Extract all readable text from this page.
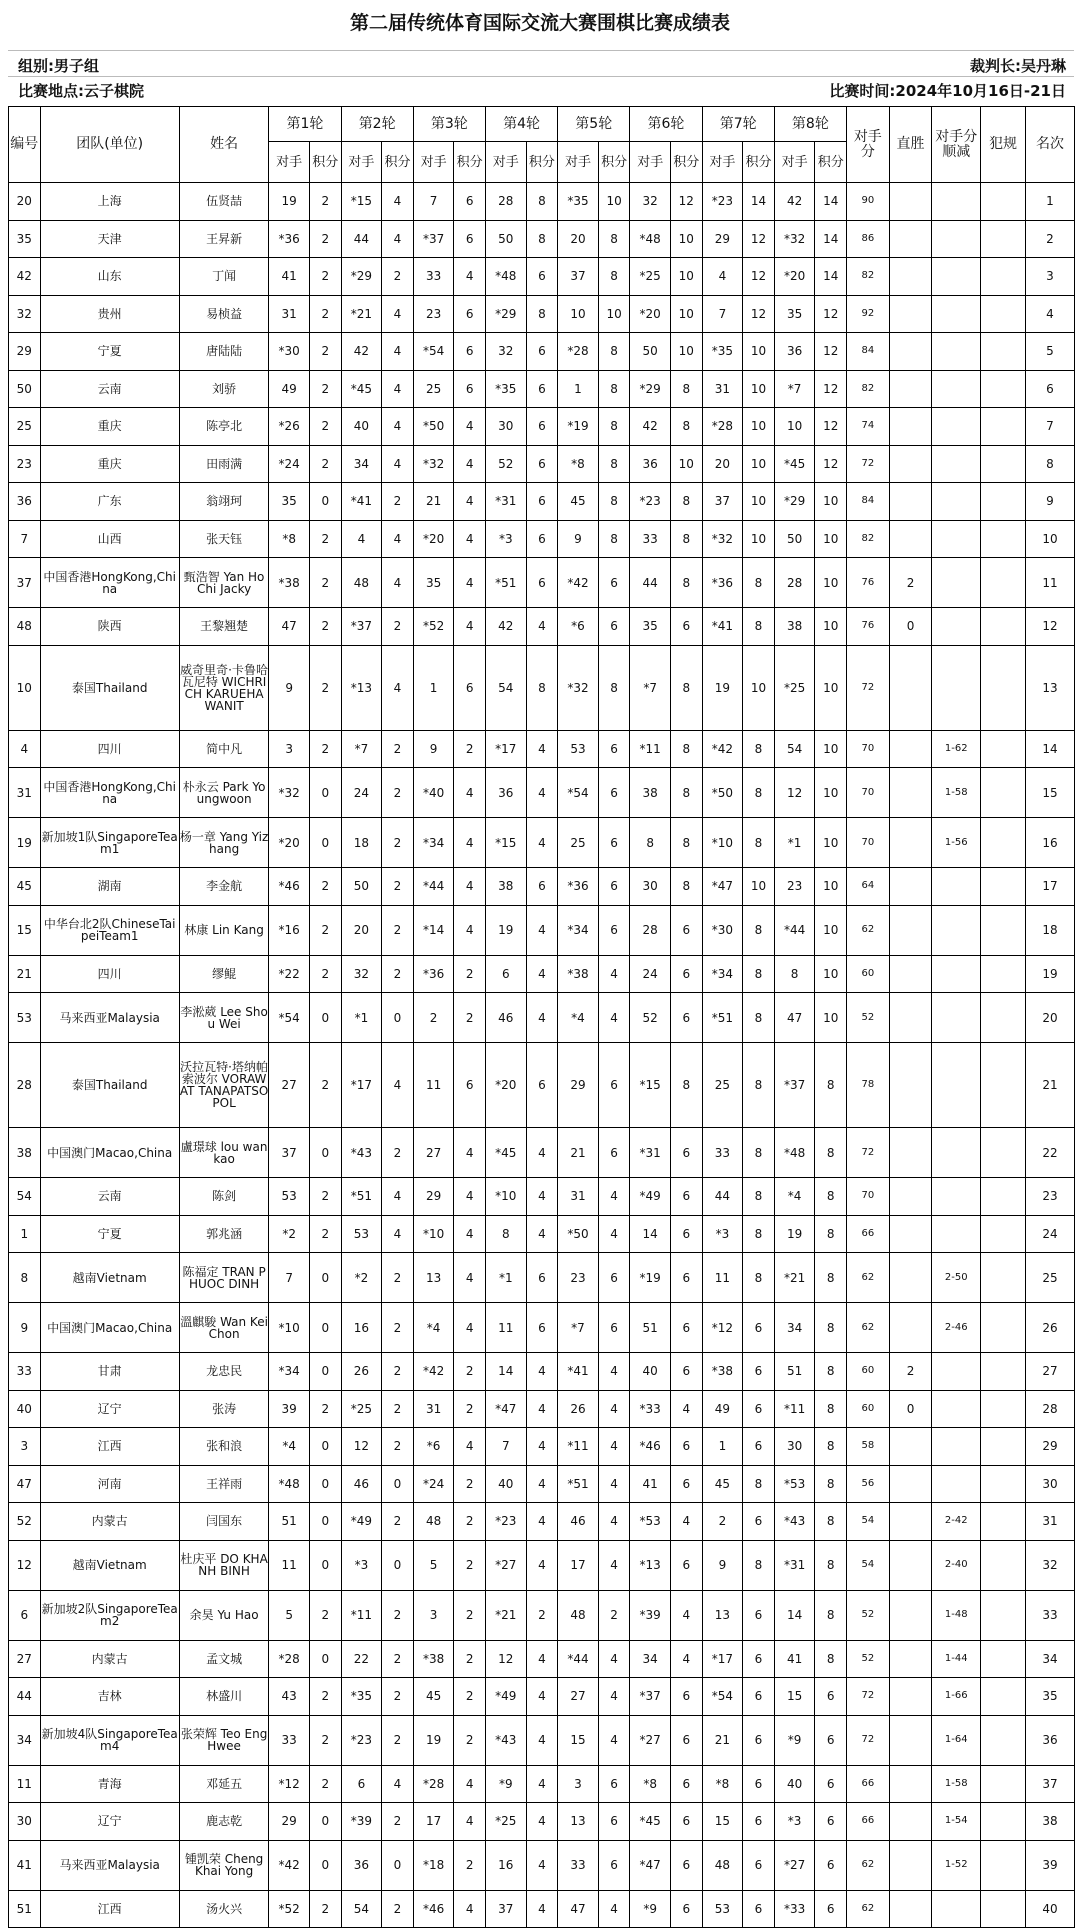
第二届传统体育国际交流大赛围棋比赛成绩表
组别:男子组	裁判长:吴丹琳
比赛地点:云子棋院	比赛时间:2024年10月16日-21日
编号	团队(单位)	姓名	第1轮		第2轮		第3轮		第4轮		第5轮		第6轮		第7轮		第8轮		对手分	直胜	对手分顺减	犯规	名次
			对手	积分	对手	积分	对手	积分	对手	积分	对手	积分	对手	积分	对手	积分	对手	积分					
20	上海	伍贤喆	19	2	*15	4	7	6	28	8	*35	10	32	12	*23	14	42	14	90				1
35	天津	王昇新	*36	2	44	4	*37	6	50	8	20	8	*48	10	29	12	*32	14	86				2
42	山东	丁闻	41	2	*29	2	33	4	*48	6	37	8	*25	10	4	12	*20	14	82				3
32	贵州	易桢益	31	2	*21	4	23	6	*29	8	10	10	*20	10	7	12	35	12	92				4
29	宁夏	唐陆陆	*30	2	42	4	*54	6	32	6	*28	8	50	10	*35	10	36	12	84				5
50	云南	刘骄	49	2	*45	4	25	6	*35	6	1	8	*29	8	31	10	*7	12	82				6
25	重庆	陈亭北	*26	2	40	4	*50	4	30	6	*19	8	42	8	*28	10	10	12	74				7
23	重庆	田雨满	*24	2	34	4	*32	4	52	6	*8	8	36	10	20	10	*45	12	72				8
36	广东	翁翊珂	35	0	*41	2	21	4	*31	6	45	8	*23	8	37	10	*29	10	84				9
7	山西	张天钰	*8	2	4	4	*20	4	*3	6	9	8	33	8	*32	10	50	10	82				10
37	中国香港HongKong,China	甄浩智 Yan Ho Chi Jacky	*38	2	48	4	35	4	*51	6	*42	6	44	8	*36	8	28	10	76	2			11
48	陕西	王黎翘楚	47	2	*37	2	*52	4	42	4	*6	6	35	6	*41	8	38	10	76	0			12
10	泰国Thailand	威奇里奇·卡鲁哈瓦尼特 WICHRICH KARUEHAWANIT	9	2	*13	4	1	6	54	8	*32	8	*7	8	19	10	*25	10	72				13
4	四川	简中凡	3	2	*7	2	9	2	*17	4	53	6	*11	8	*42	8	54	10	70		1-62		14
31	中国香港HongKong,China	朴永云 Park Youngwoon	*32	0	24	2	*40	4	36	4	*54	6	38	8	*50	8	12	10	70		1-58		15
19	新加坡1队SingaporeTeam1	杨一章 Yang Yizhang	*20	0	18	2	*34	4	*15	4	25	6	8	8	*10	8	*1	10	70		1-56		16
45	湖南	李金航	*46	2	50	2	*44	4	38	6	*36	6	30	8	*47	10	23	10	64				17
15	中华台北2队ChineseTaipeiTeam1	林康 Lin Kang	*16	2	20	2	*14	4	19	4	*34	6	28	6	*30	8	*44	10	62				18
21	四川	缪鲲	*22	2	32	2	*36	2	6	4	*38	4	24	6	*34	8	8	10	60				19
53	马来西亚Malaysia	李淞葳 Lee Shou Wei	*54	0	*1	0	2	2	46	4	*4	4	52	6	*51	8	47	10	52				20
28	泰国Thailand	沃拉瓦特·塔纳帕索波尔 VORAWAT TANAPATSOPOL	27	2	*17	4	11	6	*20	6	29	6	*15	8	25	8	*37	8	78				21
38	中国澳门Macao,China	盧璟球 lou wan kao	37	0	*43	2	27	4	*45	4	21	6	*31	6	33	8	*48	8	72				22
54	云南	陈剑	53	2	*51	4	29	4	*10	4	31	4	*49	6	44	8	*4	8	70				23
1	宁夏	郭兆涵	*2	2	53	4	*10	4	8	4	*50	4	14	6	*3	8	19	8	66				24
8	越南Vietnam	陈福定 TRAN PHUOC DINH	7	0	*2	2	13	4	*1	6	23	6	*19	6	11	8	*21	8	62		2-50		25
9	中国澳门Macao,China	溫麒駿 Wan Kei Chon	*10	0	16	2	*4	4	11	6	*7	6	51	6	*12	6	34	8	62		2-46		26
33	甘肃	龙忠民	*34	0	26	2	*42	2	14	4	*41	4	40	6	*38	6	51	8	60	2			27
40	辽宁	张涛	39	2	*25	2	31	2	*47	4	26	4	*33	4	49	6	*11	8	60	0			28
3	江西	张和浪	*4	0	12	2	*6	4	7	4	*11	4	*46	6	1	6	30	8	58				29
47	河南	王祥雨	*48	0	46	0	*24	2	40	4	*51	4	41	6	45	8	*53	8	56				30
52	内蒙古	闫国东	51	0	*49	2	48	2	*23	4	46	4	*53	4	2	6	*43	8	54		2-42		31
12	越南Vietnam	杜庆平 DO KHANH BINH	11	0	*3	0	5	2	*27	4	17	4	*13	6	9	8	*31	8	54		2-40		32
6	新加坡2队SingaporeTeam2	余昊 Yu Hao	5	2	*11	2	3	2	*21	2	48	2	*39	4	13	6	14	8	52		1-48		33
27	内蒙古	孟文城	*28	0	22	2	*38	2	12	4	*44	4	34	4	*17	6	41	8	52		1-44		34
44	吉林	林盛川	43	2	*35	2	45	2	*49	4	27	4	*37	6	*54	6	15	6	72		1-66		35
34	新加坡4队SingaporeTeam4	张荣辉 Teo Eng Hwee	33	2	*23	2	19	2	*43	4	15	4	*27	6	21	6	*9	6	72		1-64		36
11	青海	邓延五	*12	2	6	4	*28	4	*9	4	3	6	*8	6	*8	6	40	6	66		1-58		37
30	辽宁	鹿志乾	29	0	*39	2	17	4	*25	4	13	6	*45	6	15	6	*3	6	66		1-54		38
41	马来西亚Malaysia	锺凯荣 Cheng Khai Yong	*42	0	36	0	*18	2	16	4	33	6	*47	6	48	6	*27	6	62		1-52		39
51	江西	汤火兴	*52	2	54	2	*46	4	37	4	47	4	*9	6	53	6	*33	6	62				40
